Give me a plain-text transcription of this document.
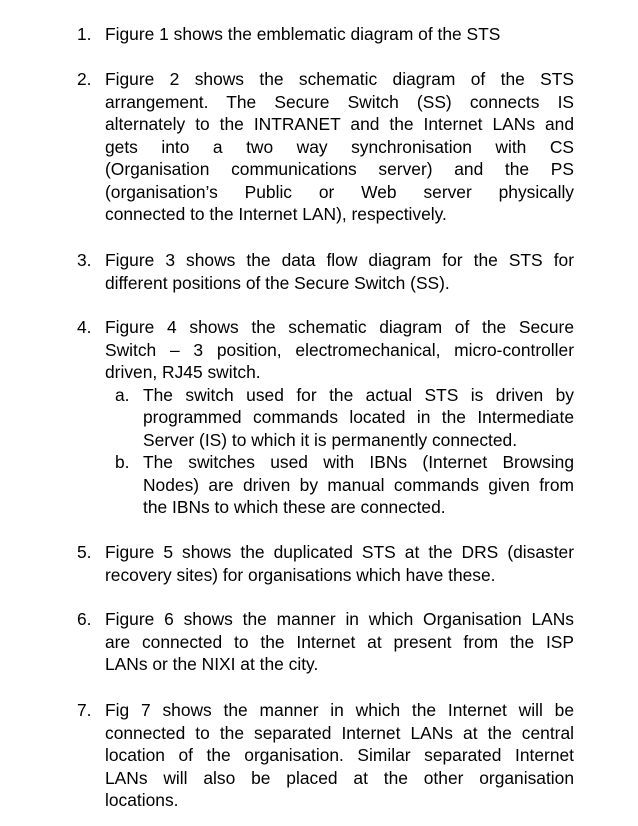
1. Figure 1 shows the emblematic diagram of the STS
2. Figure 2 shows the schematic diagram of the STS
arrangement. The Secure Switch (SS) connects IS
alternately to the INTRANET and the Internet LANs and
gets into a two way synchronisation with CS
(Organisation communications server) and the PS
(organisation’s Public or Web server physically
connected to the Internet LAN), respectively.
3. Figure 3 shows the data flow diagram for the STS for
different positions of the Secure Switch (SS).
4. Figure 4 shows the schematic diagram of the Secure
Switch – 3 position, electromechanical, micro-controller
driven, RJ45 switch.
a. The switch used for the actual STS is driven by
programmed commands located in the Intermediate
Server (IS) to which it is permanently connected.
b. The switches used with IBNs (Internet Browsing
Nodes) are driven by manual commands given from
the IBNs to which these are connected.
5. Figure 5 shows the duplicated STS at the DRS (disaster
recovery sites) for organisations which have these.
6. Figure 6 shows the manner in which Organisation LANs
are connected to the Internet at present from the ISP
LANs or the NIXI at the city.
7. Fig 7 shows the manner in which the Internet will be
connected to the separated Internet LANs at the central
location of the organisation. Similar separated Internet
LANs will also be placed at the other organisation
locations.
